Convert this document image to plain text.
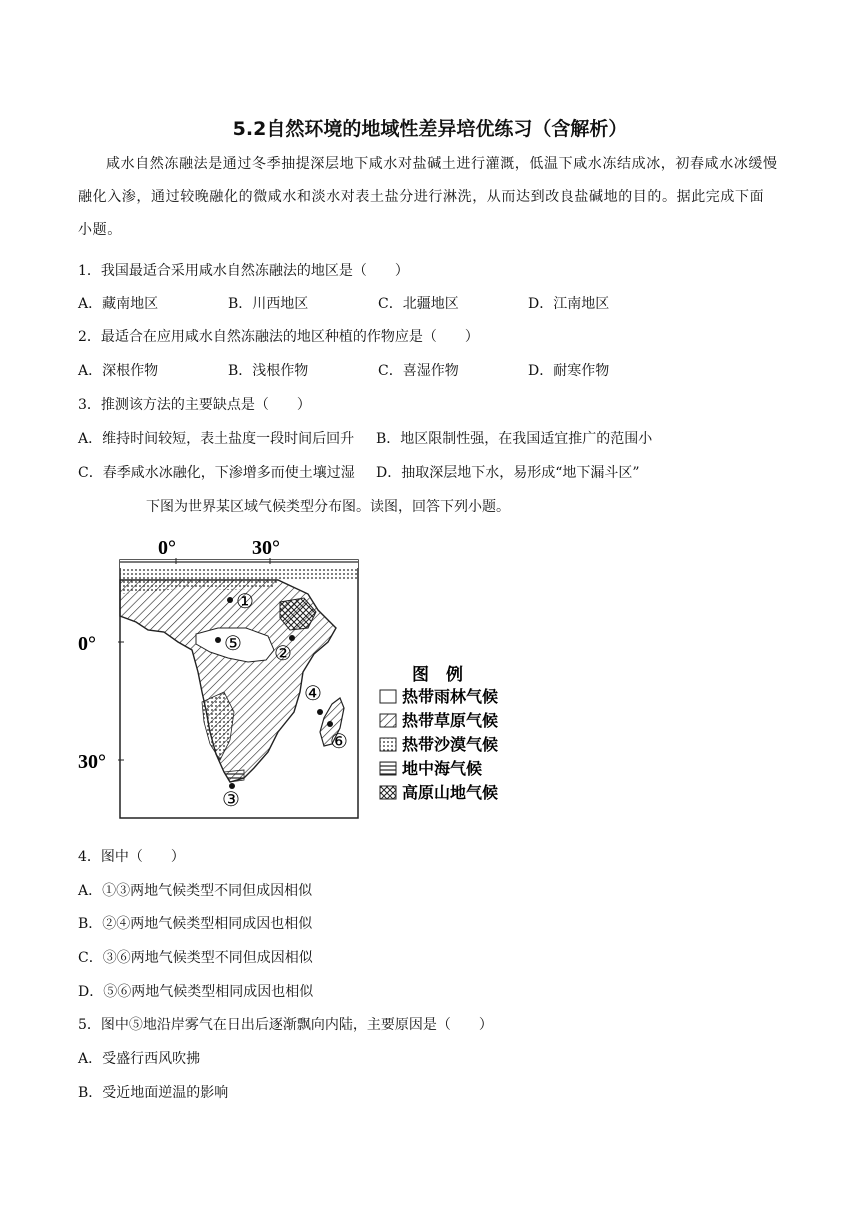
5.2自然环境的地域性差异培优练习（含解析）
咸水自然冻融法是通过冬季抽提深层地下咸水对盐碱土进行灌溉，低温下咸水冻结成冰，初春咸水冰缓慢融化入渗，通过较晚融化的微咸水和淡水对表土盐分进行淋洗，从而达到改良盐碱地的目的。据此完成下面小题。
1．我国最适合采用咸水自然冻融法的地区是（　　）
A．藏南地区	B．川西地区	C．北疆地区	D．江南地区
2．最适合在应用咸水自然冻融法的地区种植的作物应是（　　）
A．深根作物	B．浅根作物	C．喜湿作物	D．耐寒作物
3．推测该方法的主要缺点是（　　）
A．维持时间较短，表土盐度一段时间后回升 B．地区限制性强，在我国适宜推广的范围小
C．春季咸水冰融化，下渗增多而使土壤过湿 D．抽取深层地下水，易形成“地下漏斗区”
下图为世界某区域气候类型分布图。读图，回答下列小题。
0°	30°
0°
30°
①
②
③
④
⑤
⑥
图　例
热带雨林气候
热带草原气候
热带沙漠气候
地中海气候
高原山地气候
4．图中（　　）
A．①③两地气候类型不同但成因相似
B．②④两地气候类型相同成因也相似
C．③⑥两地气候类型不同但成因相似
D．⑤⑥两地气候类型相同成因也相似
5．图中⑤地沿岸雾气在日出后逐渐飘向内陆，主要原因是（　　）
A．受盛行西风吹拂
B．受近地面逆温的影响
